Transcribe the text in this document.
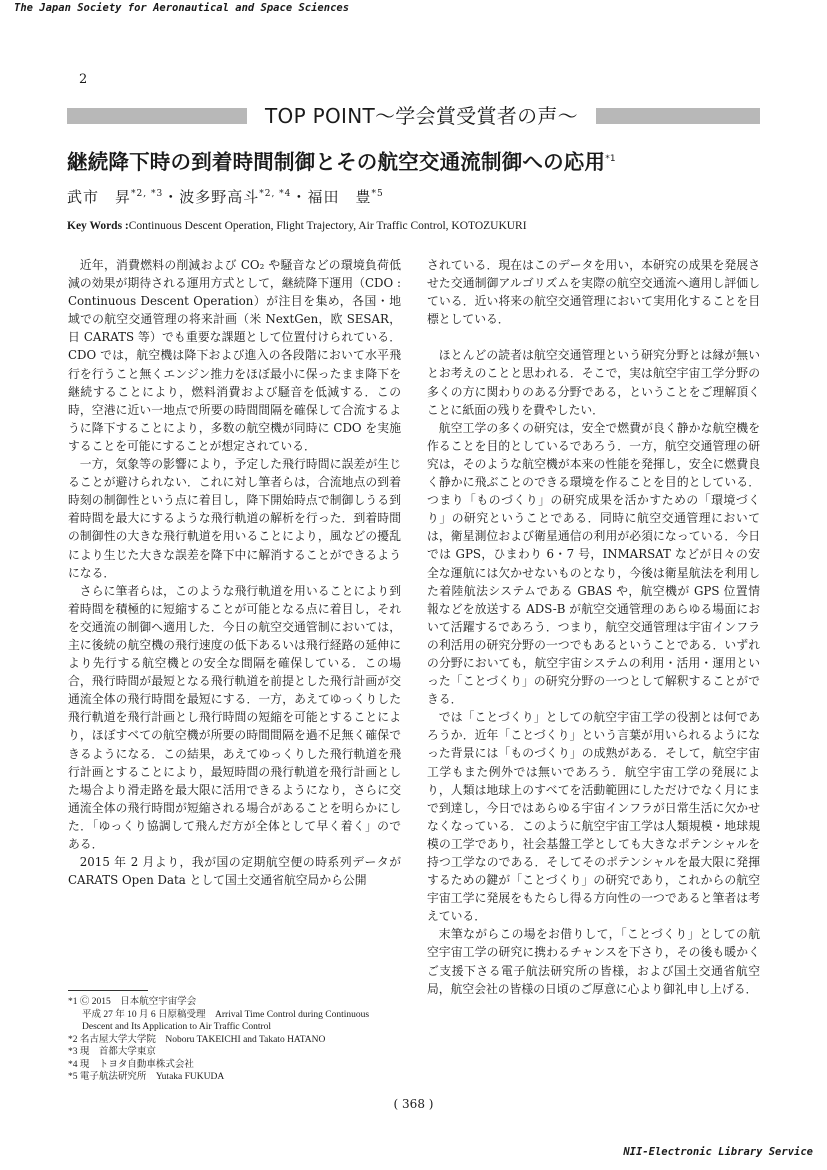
The Japan Society for Aeronautical and Space Sciences
2
TOP POINT～学会賞受賞者の声～
継続降下時の到着時間制御とその航空交通流制御への応用$^{*1}$
武市　昇$^{*2, *3}$・波多野高斗$^{*2, *4}$・福田　豊$^{*5}$
Key Words :Continuous Descent Operation, Flight Trajectory, Air Traffic Control, KOTOZUKURI

近年，消費燃料の削減および CO₂ や騒音などの環境負荷低減の効果が期待される運用方式として，継続降下運用（CDO : Continuous Descent Operation）が注目を集め，各国・地域での航空交通管理の将来計画（米 NextGen，欧 SESAR，日 CARATS 等）でも重要な課題として位置付けられている．CDO では，航空機は降下および進入の各段階において水平飛行を行うこと無くエンジン推力をほぼ最小に保ったまま降下を継続することにより，燃料消費および騒音を低減する．この時，空港に近い一地点で所要の時間間隔を確保して合流するように降下することにより，多数の航空機が同時に CDO を実施することを可能にすることが想定されている．

一方，気象等の影響により，予定した飛行時間に誤差が生じることが避けられない．これに対し筆者らは，合流地点の到着時刻の制御性という点に着目し，降下開始時点で制御しうる到着時間を最大にするような飛行軌道の解析を行った．到着時間の制御性の大きな飛行軌道を用いることにより，風などの擾乱により生じた大きな誤差を降下中に解消することができるようになる．

さらに筆者らは，このような飛行軌道を用いることにより到着時間を積極的に短縮することが可能となる点に着目し，それを交通流の制御へ適用した．今日の航空交通管制においては，主に後続の航空機の飛行速度の低下あるいは飛行経路の延伸により先行する航空機との安全な間隔を確保している．この場合，飛行時間が最短となる飛行軌道を前提とした飛行計画が交通流全体の飛行時間を最短にする．一方，あえてゆっくりした飛行軌道を飛行計画とし飛行時間の短縮を可能とすることにより，ほぼすべての航空機が所要の時間間隔を過不足無く確保できるようになる．この結果，あえてゆっくりした飛行軌道を飛行計画とすることにより，最短時間の飛行軌道を飛行計画とした場合より滑走路を最大限に活用できるようになり，さらに交通流全体の飛行時間が短縮される場合があることを明らかにした．「ゆっくり協調して飛んだ方が全体として早く着く」のである．

2015 年 2 月より，我が国の定期航空便の時系列データが CARATS Open Data として国土交通省航空局から公開

されている．現在はこのデータを用い，本研究の成果を発展させた交通制御アルゴリズムを実際の航空交通流へ適用し評価している．近い将来の航空交通管理において実用化することを目標としている．

ほとんどの読者は航空交通管理という研究分野とは縁が無いとお考えのことと思われる．そこで，実は航空宇宙工学分野の多くの方に関わりのある分野である，ということをご理解頂くことに紙面の残りを費やしたい．

航空工学の多くの研究は，安全で燃費が良く静かな航空機を作ることを目的としているであろう．一方，航空交通管理の研究は，そのような航空機が本来の性能を発揮し，安全に燃費良く静かに飛ぶことのできる環境を作ることを目的としている．つまり「ものづくり」の研究成果を活かすための「環境づくり」の研究ということである．同時に航空交通管理においては，衛星測位および衛星通信の利用が必須になっている．今日では GPS，ひまわり 6・7 号，INMARSAT などが日々の安全な運航には欠かせないものとなり，今後は衛星航法を利用した着陸航法システムである GBAS や，航空機が GPS 位置情報などを放送する ADS-B が航空交通管理のあらゆる場面において活躍するであろう．つまり，航空交通管理は宇宙インフラの利活用の研究分野の一つでもあるということである．いずれの分野においても，航空宇宙システムの利用・活用・運用といった「ことづくり」の研究分野の一つとして解釈することができる．

では「ことづくり」としての航空宇宙工学の役割とは何であろうか．近年「ことづくり」という言葉が用いられるようになった背景には「ものづくり」の成熟がある．そして，航空宇宙工学もまた例外では無いであろう．航空宇宙工学の発展により，人類は地球上のすべてを活動範囲にしただけでなく月にまで到達し，今日ではあらゆる宇宙インフラが日常生活に欠かせなくなっている．このように航空宇宙工学は人類規模・地球規模の工学であり，社会基盤工学としても大きなポテンシャルを持つ工学なのである．そしてそのポテンシャルを最大限に発揮するための鍵が「ことづくり」の研究であり，これからの航空宇宙工学に発展をもたらし得る方向性の一つであると筆者は考えている．

末筆ながらこの場をお借りして，「ことづくり」としての航空宇宙工学の研究に携わるチャンスを下さり，その後も暖かくご支援下さる電子航法研究所の皆様，および国土交通省航空局，航空会社の皆様の日頃のご厚意に心より御礼申し上げる．

*1 Ⓒ 2015　日本航空宇宙学会
平成 27 年 10 月 6 日原稿受理　Arrival Time Control during Continuous Descent and Its Application to Air Traffic Control
*2 名古屋大学大学院　Noboru TAKEICHI and Takato HATANO
*3 現　首都大学東京
*4 現　トヨタ自動車株式会社
*5 電子航法研究所　Yutaka FUKUDA
( 368 )
NII-Electronic Library Service
